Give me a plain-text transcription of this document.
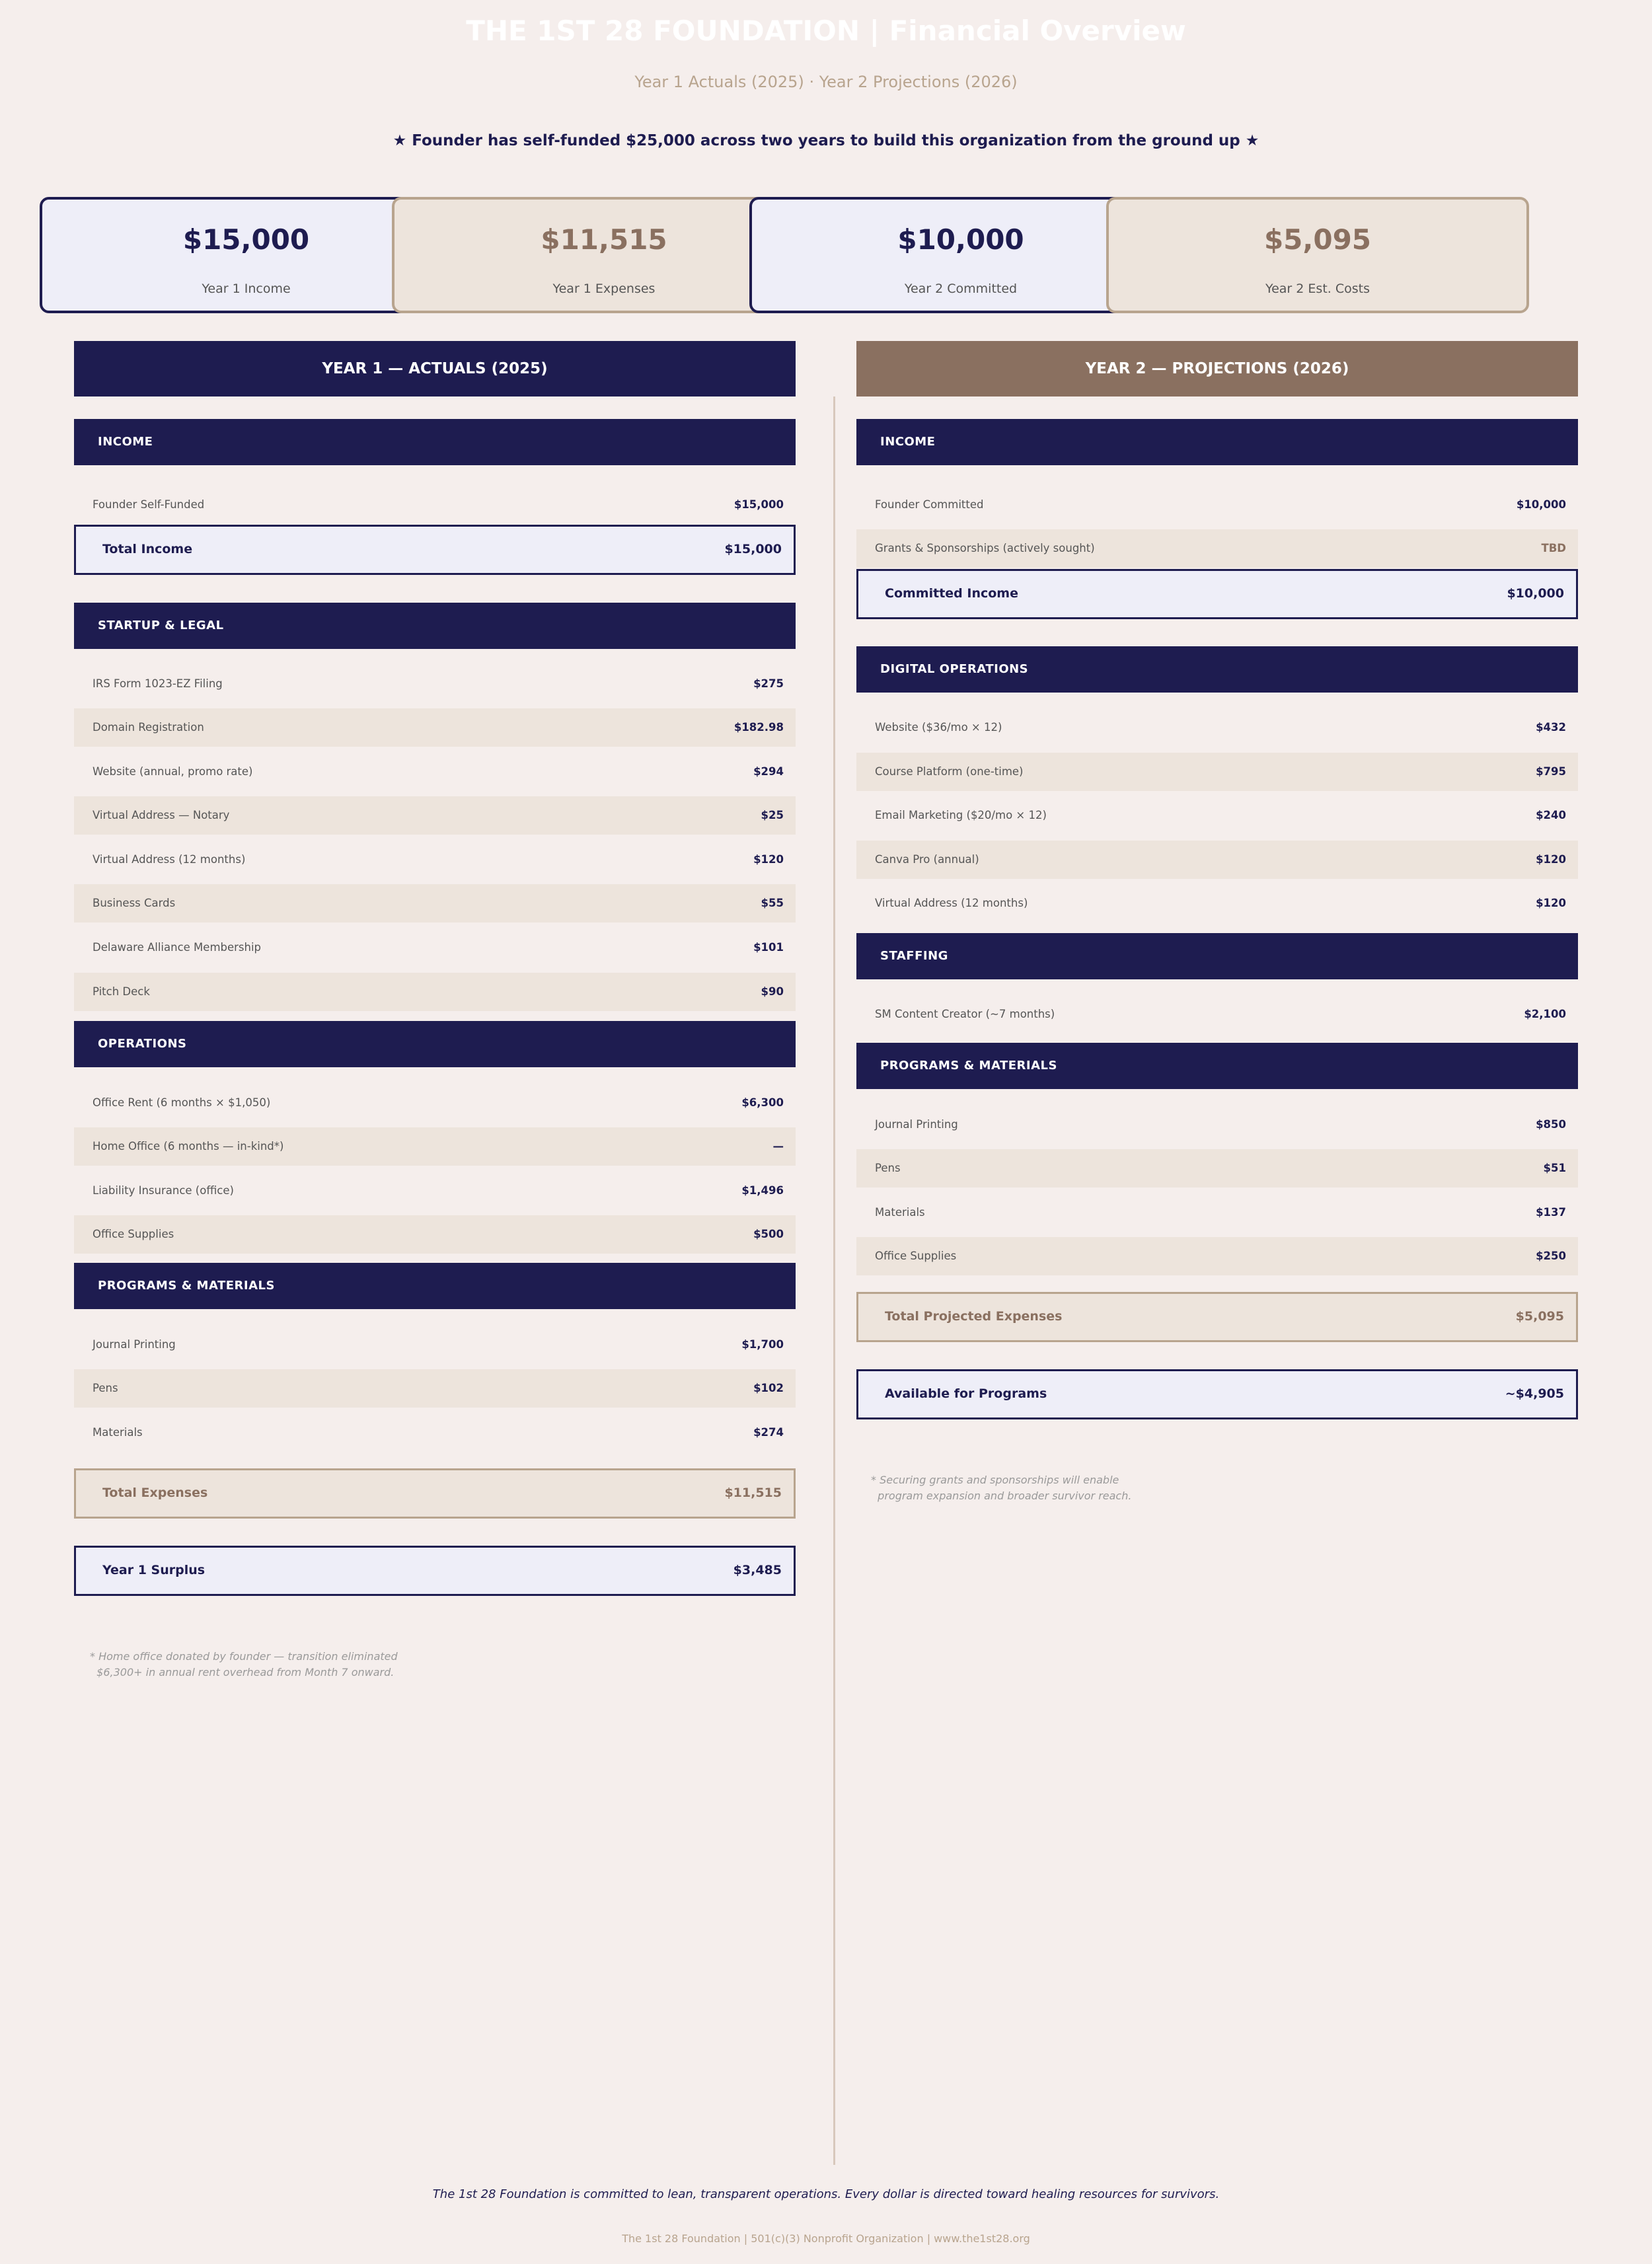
THE 1ST 28 FOUNDATION | Financial Overview
Year 1 Actuals (2025) · Year 2 Projections (2026)
★ Founder has self-funded $25,000 across two years to build this organization from the ground up ★
$15,000
Year 1 Income
$11,515
Year 1 Expenses
$10,000
Year 2 Committed
$5,095
Year 2 Est. Costs
YEAR 1 — ACTUALS (2025)
INCOME
Founder Self-Funded	$15,000
Total Income	$15,000
STARTUP & LEGAL
IRS Form 1023-EZ Filing	$275
Domain Registration	$182.98
Website (annual, promo rate)	$294
Virtual Address — Notary	$25
Virtual Address (12 months)	$120
Business Cards	$55
Delaware Alliance Membership	$101
Pitch Deck	$90
OPERATIONS
Office Rent (6 months × $1,050)	$6,300
Home Office (6 months — in-kind*)	—
Liability Insurance (office)	$1,496
Office Supplies	$500
PROGRAMS & MATERIALS
Journal Printing	$1,700
Pens	$102
Materials	$274
Total Expenses	$11,515
Year 1 Surplus	$3,485
* Home office donated by founder — transition eliminated
$6,300+ in annual rent overhead from Month 7 onward.
YEAR 2 — PROJECTIONS (2026)
INCOME
Founder Committed	$10,000
Grants & Sponsorships (actively sought)	TBD
Committed Income	$10,000
DIGITAL OPERATIONS
Website ($36/mo × 12)	$432
Course Platform (one-time)	$795
Email Marketing ($20/mo × 12)	$240
Canva Pro (annual)	$120
Virtual Address (12 months)	$120
STAFFING
SM Content Creator (~7 months)	$2,100
PROGRAMS & MATERIALS
Journal Printing	$850
Pens	$51
Materials	$137
Office Supplies	$250
Total Projected Expenses	$5,095
Available for Programs	~$4,905
* Securing grants and sponsorships will enable
program expansion and broader survivor reach.
The 1st 28 Foundation is committed to lean, transparent operations. Every dollar is directed toward healing resources for survivors.
The 1st 28 Foundation | 501(c)(3) Nonprofit Organization | www.the1st28.org
